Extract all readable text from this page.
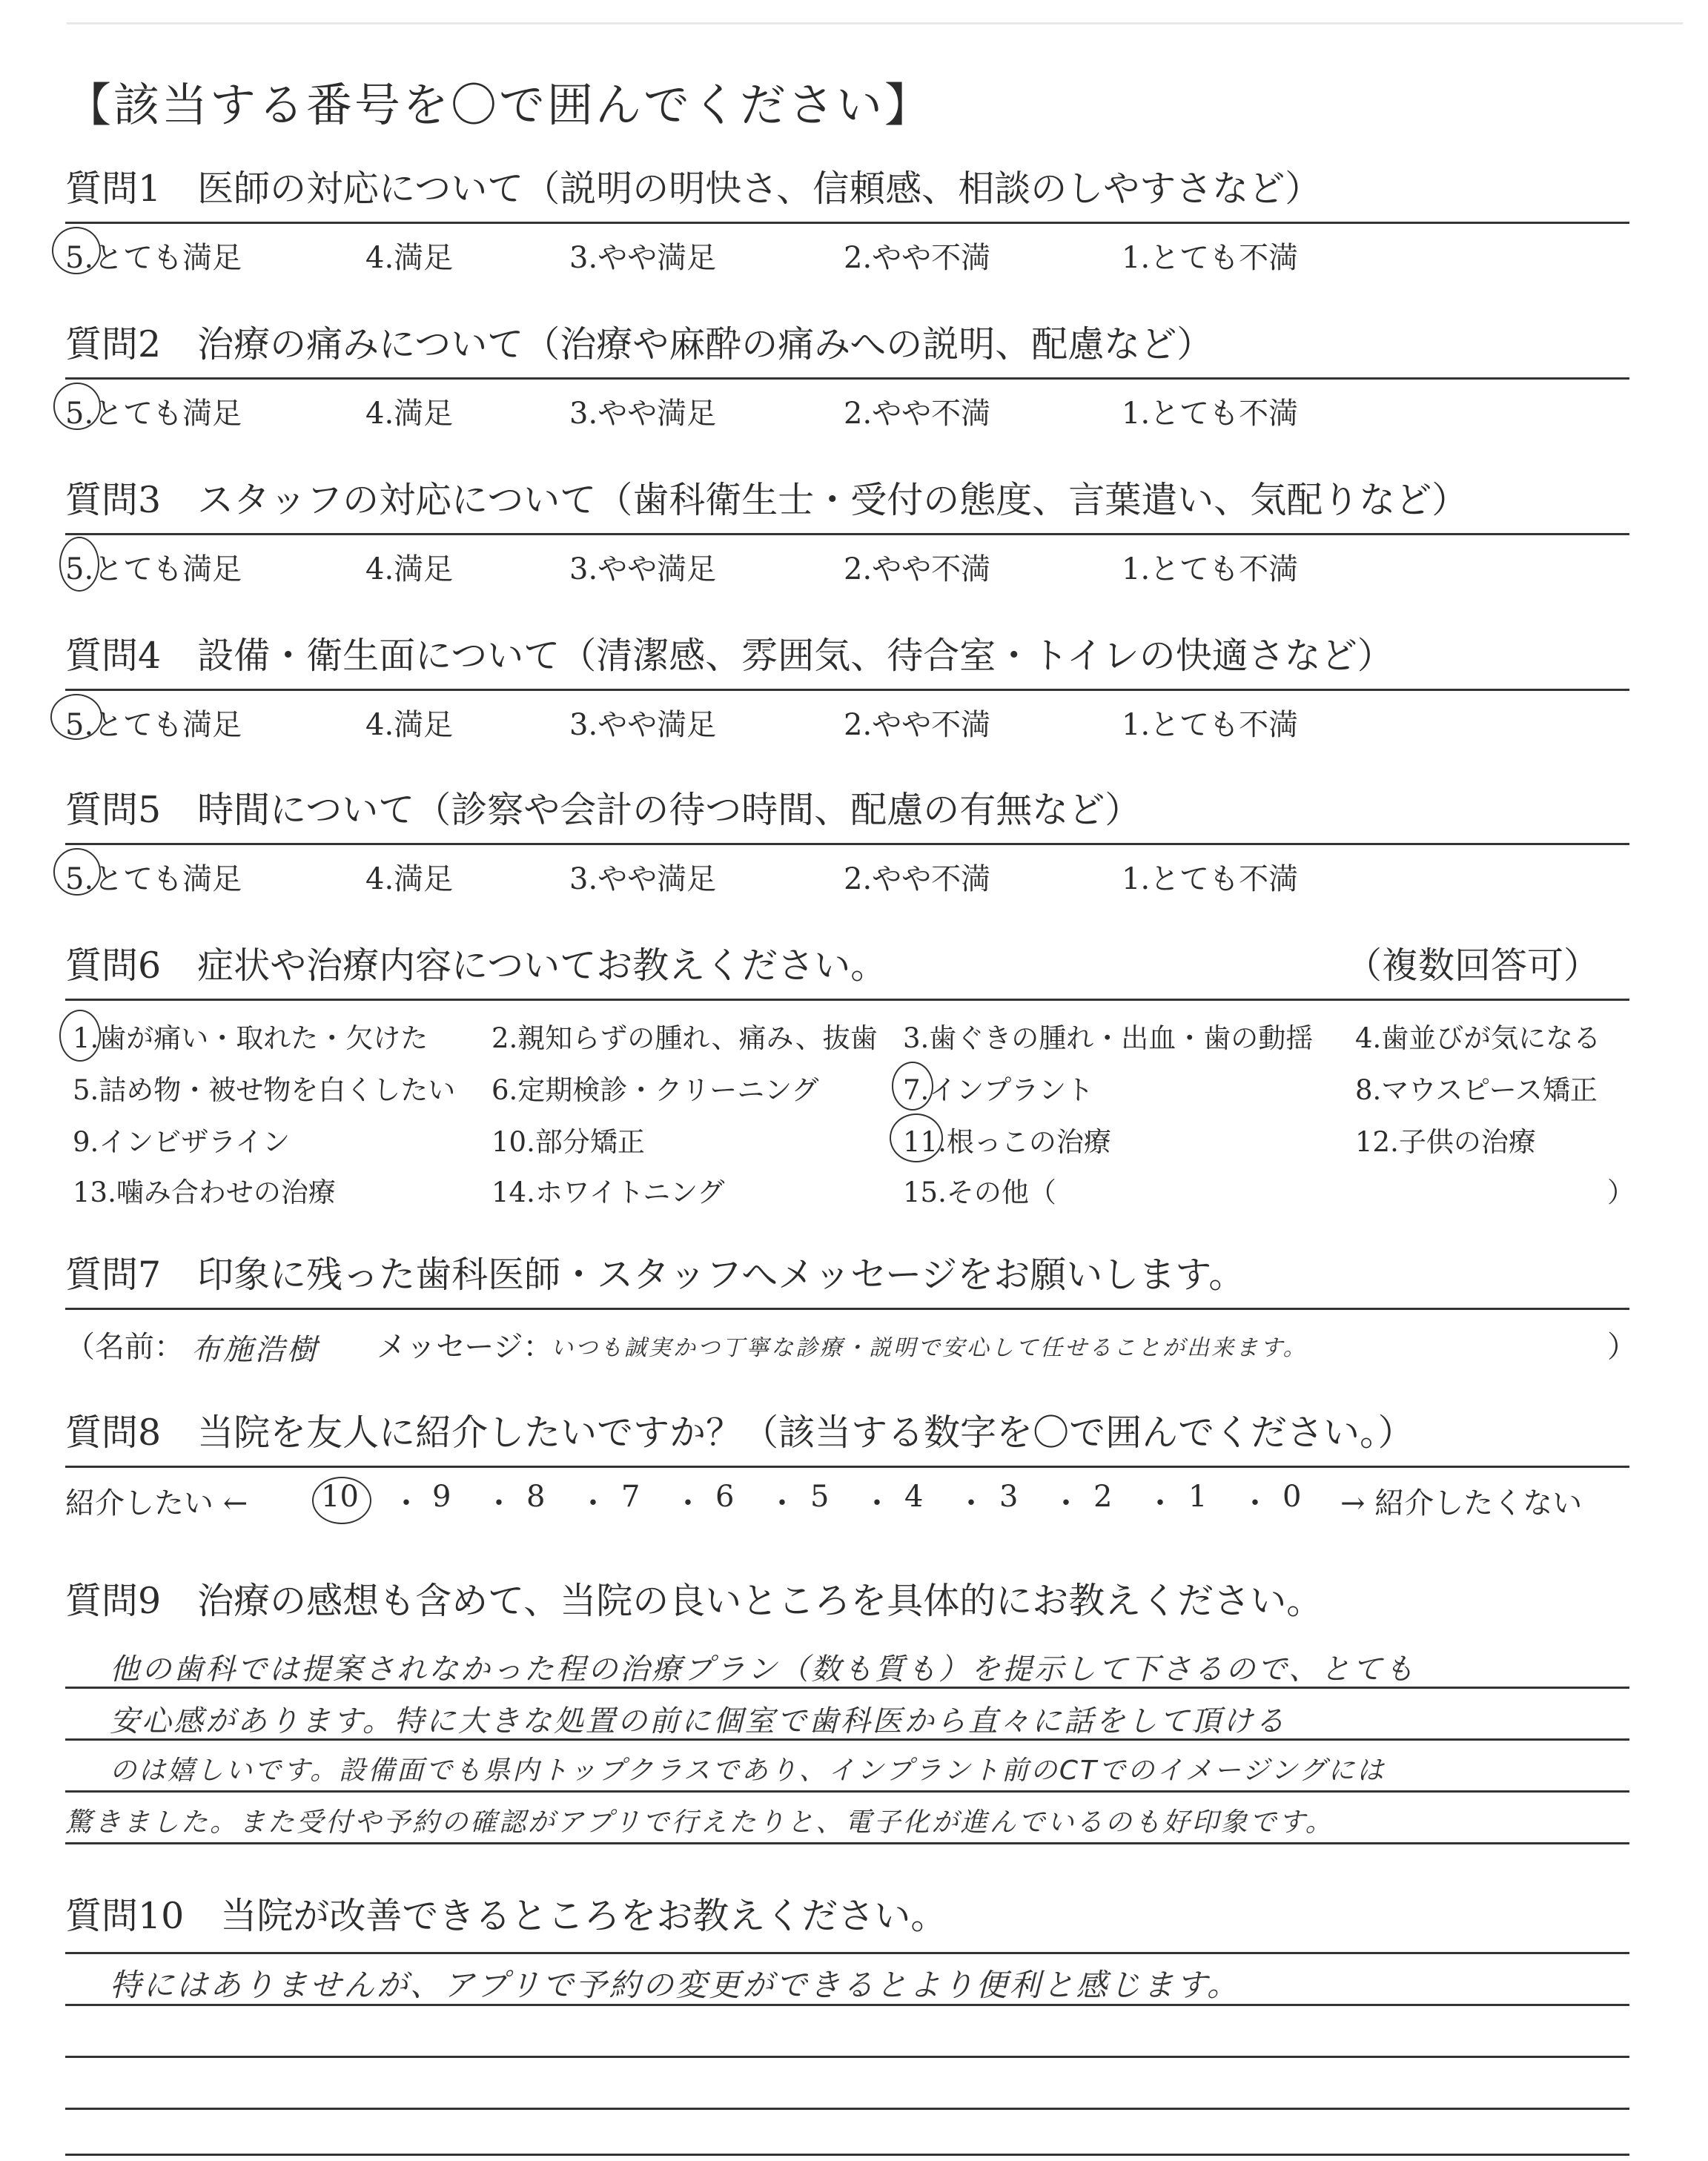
【該当する番号を〇で囲んでください】
質問1　医師の対応について（説明の明快さ、信頼感、相談のしやすさなど）
5.とても満足	4.満足	3.やや満足	2.やや不満	1.とても不満
質問2　治療の痛みについて（治療や麻酔の痛みへの説明、配慮など）
5.とても満足	4.満足	3.やや満足	2.やや不満	1.とても不満
質問3　スタッフの対応について（歯科衛生士・受付の態度、言葉遣い、気配りなど）
5.とても満足	4.満足	3.やや満足	2.やや不満	1.とても不満
質問4　設備・衛生面について（清潔感、雰囲気、待合室・トイレの快適さなど）
5.とても満足	4.満足	3.やや満足	2.やや不満	1.とても不満
質問5　時間について（診察や会計の待つ時間、配慮の有無など）
5.とても満足	4.満足	3.やや満足	2.やや不満	1.とても不満
質問6　症状や治療内容についてお教えください。	（複数回答可）
1.歯が痛い・取れた・欠けた 2.親知らずの腫れ、痛み、抜歯 3.歯ぐきの腫れ・出血・歯の動揺 4.歯並びが気になる
5.詰め物・被せ物を白くしたい 6.定期検診・クリーニング	7.インプラント	8.マウスピース矯正
9.インビザライン	10.部分矯正	11.根っこの治療	12.子供の治療
13.噛み合わせの治療	14.ホワイトニング	15.その他（	）
質問7　印象に残った歯科医師・スタッフへメッセージをお願いします。
（名前： 布施浩樹 メッセージ：
いつも誠実かつ丁寧な診療・説明で安心して任せることが出来ます。	）
質問8　当院を友人に紹介したいですか？（該当する数字を〇で囲んでください。）
紹介したい ← 10 ・ 9 ・ 8 ・ 7 ・ 6 ・ 5 ・ 4 ・ 3 ・ 2 ・ 1 ・ 0 → 紹介したくない
質問9　治療の感想も含めて、当院の良いところを具体的にお教えください。
他の歯科では提案されなかった程の治療プラン（数も質も）を提示して下さるので、とても
安心感があります。特に大きな処置の前に個室で歯科医から直々に話をして頂ける
のは嬉しいです。設備面でも県内トップクラスであり、インプラント前のCTでのイメージングには
驚きました。また受付や予約の確認がアプリで行えたりと、電子化が進んでいるのも好印象です。
質問10　当院が改善できるところをお教えください。
特にはありませんが、アプリで予約の変更ができるとより便利と感じます。
